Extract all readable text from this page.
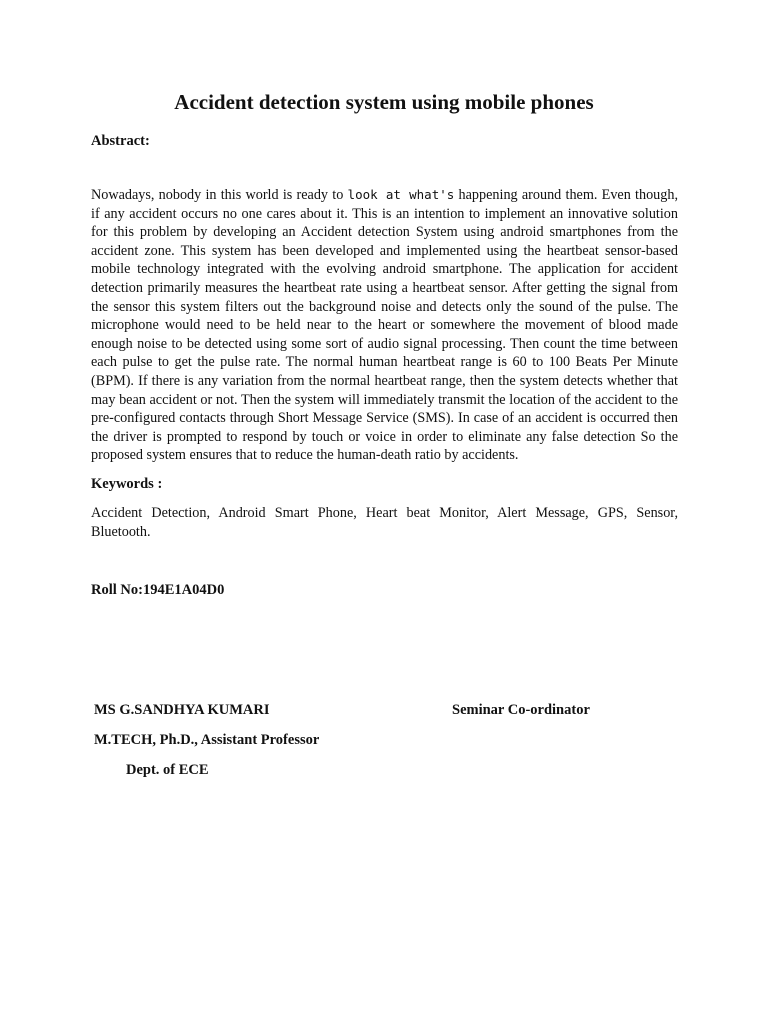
Accident detection system using mobile phones

Abstract:

Nowadays, nobody in this world is ready to look at what's happening around them. Even though, if any accident occurs no one cares about it. This is an intention to implement an innovative solution for this problem by developing an Accident detection System using android smartphones from the accident zone. This system has been developed and implemented using the heartbeat sensor-based mobile technology integrated with the evolving android smartphone. The application for accident detection primarily measures the heartbeat rate using a heartbeat sensor. After getting the signal from the sensor this system filters out the background noise and detects only the sound of the pulse. The microphone would need to be held near to the heart or somewhere the movement of blood made enough noise to be detected using some sort of audio signal processing. Then count the time between each pulse to get the pulse rate. The normal human heartbeat range is 60 to 100 Beats Per Minute (BPM). If there is any variation from the normal heartbeat range, then the system detects whether that may bean accident or not. Then the system will immediately transmit the location of the accident to the pre-configured contacts through Short Message Service (SMS). In case of an accident is occurred then the driver is prompted to respond by touch or voice in order to eliminate any false detection So the proposed system ensures that to reduce the human-death ratio by accidents.

Keywords :

Accident Detection, Android Smart Phone, Heart beat Monitor, Alert Message, GPS, Sensor, Bluetooth.

Roll No:194E1A04D0

MS G.SANDHYA KUMARI

M.TECH, Ph.D., Assistant Professor

Dept. of ECE

Seminar Co-ordinator
